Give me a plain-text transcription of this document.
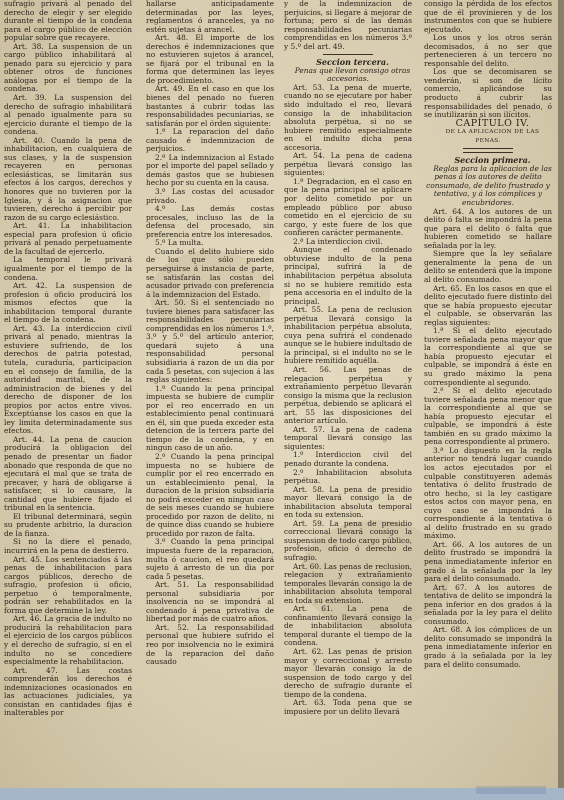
sufragio privará al penado del derecho de elegir y ser elegido durante el tiempo de la condena para el cargo público de elección popular sobre que recayere.

Art. 38. La suspension de un cargo público inhabilitará al penado para su ejercicio y para obtener otros de funciones análogas por el tiempo de la condena.

Art. 39. La suspension del derecho de sufragio inhabilitará al penado igualmente para su ejercicio durante el tiempo de la condena.

Art. 40. Cuando la pena de inhabilitacion, en cualquiera de sus clases, y la de suspension recayeren en personas eclesiásticas, se limitarán sus efectos á los cargos, derechos y honores que no tuvieren por la Iglesia, y á la asignacion que tuvieren, derecho á percibir por razon de su cargo eclesiástico.

Art. 41. La inhabilitacion especial para profesion ú oficio privará al penado perpetuamente de la facultad de ejercerlo.

La temporal le privará igualmente por el tiempo de la condena.

Art. 42. La suspension de profesion ú oficio producirá los mismos efectos que la inhabilitacion temporal durante el tiempo de la condena.

Art. 43. La interdiccion civil privará al penado, mientras la estuviere sufriendo, de los derechos de patria potestad, tutela, curaduría, participacion en el consejo de familia, de la autoridad marital, de la administracion de bienes y del derecho de disponer de los propios por actos entre vivos. Exceptúanse los casos en que la ley limita determinadamente sus efectos.

Art. 44. La pena de caucion producirá la obligacion del penado de presentar un fiador abonado que responda de que no ejecutará el mal que se trata de precaver, y hará de obligarse á satisfacer, si lo causare, la cantidad que hubiere fijado el tribunal en la sentencia.

El tribunal determinará, según su prudente arbitrio, la duracion de la fianza.

Si no la diere el penado, incurrirá en la pena de destierro.

Art. 45. Los sentenciados á las penas de inhabilitacion para cargos públicos, derecho de sufragio, profesion ú oficio, perpetuo ó temporalmente, podrán ser rehabilitados en la forma que determine la ley.

Art. 46. La gracia de indulto no producirá la rehabilitacion para el ejercicio de los cargos públicos y el derecho de sufragio, si en el indulto no se concediere especialmente la rehabilitacion.

Art. 47. Las costas comprenderán los derechos é indemnizaciones ocasionados en las actuaciones judiciales, ya consistan en cantidades fijas é inalterables por

hallarse anticipadamente determinadas por las leyes, reglamentos ó aranceles, ya no estén sujetas á arancel.

Art. 48. El importe de los derechos é indemnizaciones que no estuvieren sujetos á arancel, se fijará por el tribunal en la forma que determinen las leyes de procedimiento.

Art. 49. En el caso en que los bienes del penado no fueren bastantes á cubrir todas las responsabilidades pecuniarias, se satisfarán por el órden siguiente:

1.º La reparacion del daño causado é indemnizacion de perjuicios.

2.º La indemnizacion al Estado por el importe del papel sellado y demás gastos que se hubiesen hecho por su cuenta en la causa.

3.º Las costas del acusador privado.

4.º Las demás costas procesales, incluso las de la defensa del procesado, sin preferencia entre los interesados.

5.º La multa.

Cuando el delito hubiere sido de los que sólo pueden perseguirse á instancia de parte, se satisfarán las costas del acusador privado con preferencia á la indemnizacion del Estado.

Art. 50. Si el sentenciado no tuviere bienes para satisfacer las responsabilidades pecuniarias comprendidas en los números 1.º, 3.º y 5.º del artículo anterior, quedará sujeto á una responsabilidad personal subsidiaria á razon de un dia por cada 5 pesetas, con sujecion á las reglas siguientes:

1.º Cuando la pena principal impuesta se hubiere de cumplir por el reo encerrado en un establecimiento penal continuará en él, sin que pueda exceder esta detencion de la tercera parte del tiempo de la condena, y en ningun caso de un año.

2.º Cuando la pena principal impuesta no se hubiere de cumplir por el reo encerrado en un establecimiento penal, la duracion de la prision subsidiaria no podrá exceder en ningun caso de seis meses cuando se hubiere procedido por razon de delito, ni de quince dias cuando se hubiere procedido por razon de falta.

3.º Cuando la pena principal impuesta fuere de la reparacion, multa ó caucion, el reo quedará sujeto á arresto de un dia por cada 5 pesetas.

Art. 51. La responsabilidad personal subsidiaria por insolvencia no se impondrá al condenado á pena privativa de libertad por más de cuatro años.

Art. 52. La responsabilidad personal que hubiere sufrido el reo por insolvencia no le eximirá de la reparacion del daño causado

y de la indemnizacion de perjuicios, si llegare á mejorar de fortuna; pero sí de las demás responsabilidades pecuniarias comprendidas en los números 3.º y 5.º del art. 49.

Seccion tercera.

Penas que llevan consigo otras accesorias.

Art. 53. La pena de muerte, cuando no se ejecutare por haber sido indultado el reo, llevará consigo la de inhabilitacion absoluta perpétua, si no se hubiere remitido especialmente en el indulto dicha pena accesoria.

Art. 54. La pena de cadena perpétua llevará consigo las siguientes:

1.ª Degradacion, en el caso en que la pena principal se aplicare por delito cometido por un empleado público por abuso cometido en el ejercicio de su cargo, y este fuere de los que confieren carácter permanente.

2.ª La interdiccion civil.

Aunque el condenado obtuviese indulto de la pena principal, sufrirá la de inhabilitacion perpétua absoluta si no se hubiere remitido esta pena accesoria en el indulto de la principal.

Art. 55. La pena de reclusion perpétua llevará consigo la inhabilitacion perpétua absoluta, cuya pena sufrirá el condenado aunque se le hubiere indultado de la principal, si el indulto no se le hubiere remitido aquélla.

Art. 56. Las penas de relegacion perpétua y extrañamiento perpétuo llevarán consigo la misma que la reclusion perpétua, debiendo se aplicará el art. 55 las disposiciones del anterior artículo.

Art. 57. La pena de cadena temporal llevará consigo las siguientes:

1.º Interdiccion civil del penado durante la condena.

2.º Inhabilitacion absoluta perpétua.

Art. 58. La pena de presidio mayor llevará consigo la de inhabilitacion absoluta temporal en toda su extension.

Art. 59. La pena de presidio correccional llevará consigo la suspension de todo cargo público, profesion, oficio ó derecho de sufragio.

Art. 60. Las penas de reclusion, relegacion y extrañamiento temporales llevarán consigo la de inhabilitacion absoluta temporal en toda su extension.

Art. 61. La pena de confinamiento llevará consigo la de inhabilitacion absoluta temporal durante el tiempo de la condena.

Art. 62. Las penas de prision mayor y correccional y arresto mayor llevarán consigo la de suspension de todo cargo y del derecho de sufragio durante el tiempo de la condena.

Art. 63. Toda pena que se impusiere por un delito llevará

consigo la pérdida de los efectos que de él provinieren y de los instrumentos con que se hubiere ejecutado.

Los unos y los otros serán decomisados, á no ser que pertenecieren á un tercero no responsable del delito.

Los que se decomisaren se venderán, si son de lícito comercio, aplicándose su producto á cubrir las responsabilidades del penado, ó se inutilizarán si son ilícitos.

CAPÍTULO IV.

DE LA APLICACION DE LAS PENAS.

Seccion primera.

Reglas para la aplicacion de las penas á los autores de delito consumado, de delito frustrado y tentativa, y á los cómplices y encubridores.

Art. 64. A los autores de un delito ó falta se impondrá la pena que para el delito ó falta que hubieren cometido se hallare señalada por la ley.

Siempre que la ley señalare generalmente la pena de un delito se entenderá que la impone al delito consumado.

Art. 65. En los casos en que el delito ejecutado fuere distinto del que se había propuesto ejecutar el culpable, se observarán las reglas siguientes:

1.ª Si el delito ejecutado tuviere señalada pena mayor que la correspondiente al que se había propuesto ejecutar el culpable, se impondrá á éste en su grado máximo la pena correspondiente al segundo.

2.ª Si el delito ejecutado tuviere señalada pena menor que la correspondiente al que se había propuesto ejecutar el culpable, se impondrá á éste también en su grado máximo la pena correspondiente al primero.

3.ª Lo dispuesto en la regla anterior no tendrá lugar cuando los actos ejecutados por el culpable constituyeren además tentativa ó delito frustrado de otro hecho, si la ley castigare estos actos con mayor pena, en cuyo caso se impondrá la correspondiente á la tentativa ó al delito frustrado en su grado máximo.

Art. 66. A los autores de un delito frustrado se impondrá la pena inmediatamente inferior en grado á la señalada por la ley para el delito consumado.

Art. 67. A los autores de tentativa de delito se impondrá la pena inferior en dos grados á la señalada por la ley para el delito consumado.

Art. 68. A los cómplices de un delito consumado se impondrá la pena inmediatamente inferior en grado á la señalada por la ley para el delito consumado.
